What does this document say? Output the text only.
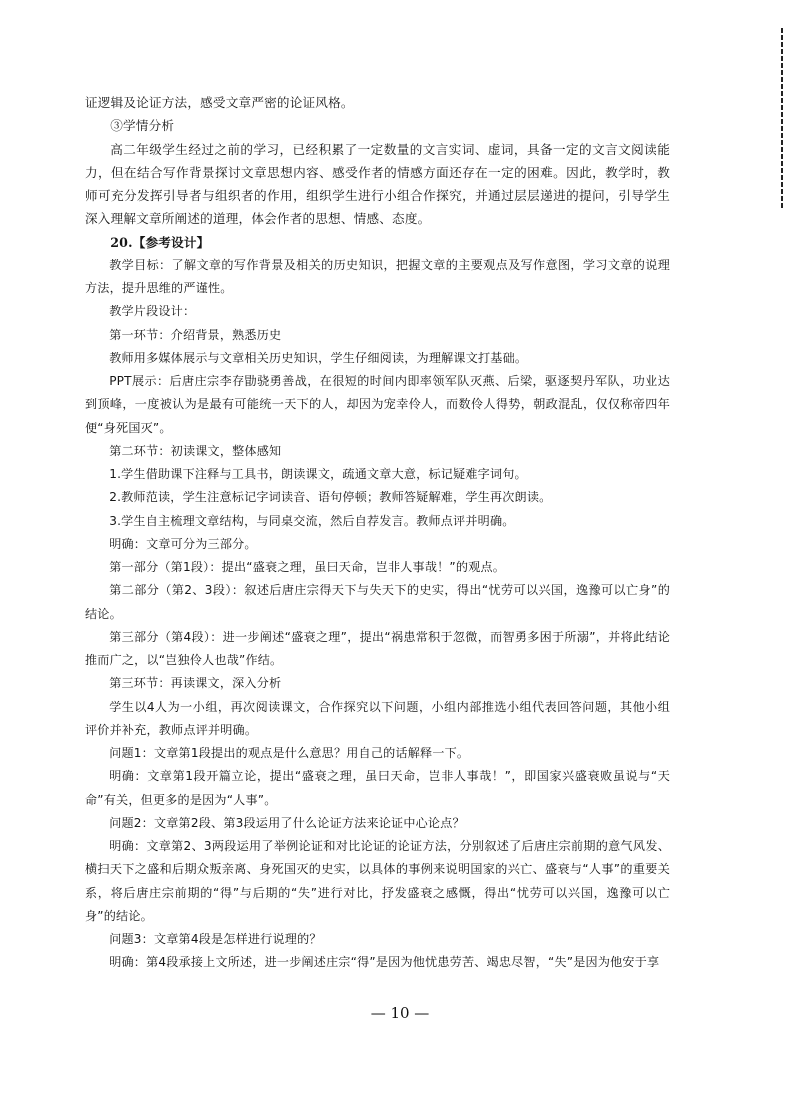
证逻辑及论证方法，感受文章严密的论证风格。

③学情分析

高二年级学生经过之前的学习，已经积累了一定数量的文言实词、虚词，具备一定的文言文阅读能力，但在结合写作背景探讨文章思想内容、感受作者的情感方面还存在一定的困难。因此，教学时，教师可充分发挥引导者与组织者的作用，组织学生进行小组合作探究，并通过层层递进的提问，引导学生深入理解文章所阐述的道理，体会作者的思想、情感、态度。

20.【参考设计】

教学目标：了解文章的写作背景及相关的历史知识，把握文章的主要观点及写作意图，学习文章的说理方法，提升思维的严谨性。

教学片段设计：

第一环节：介绍背景，熟悉历史

教师用多媒体展示与文章相关历史知识，学生仔细阅读，为理解课文打基础。

PPT展示：后唐庄宗李存勖骁勇善战，在很短的时间内即率领军队灭燕、后梁，驱逐契丹军队，功业达到顶峰，一度被认为是最有可能统一天下的人，却因为宠幸伶人，而数伶人得势，朝政混乱，仅仅称帝四年便“身死国灭”。

第二环节：初读课文，整体感知

1.学生借助课下注释与工具书，朗读课文，疏通文章大意，标记疑难字词句。

2.教师范读，学生注意标记字词读音、语句停顿；教师答疑解难，学生再次朗读。

3.学生自主梳理文章结构，与同桌交流，然后自荐发言。教师点评并明确。

明确：文章可分为三部分。

第一部分（第1段）：提出“盛衰之理，虽曰天命，岂非人事哉！”的观点。

第二部分（第2、3段）：叙述后唐庄宗得天下与失天下的史实，得出“忧劳可以兴国，逸豫可以亡身”的结论。

第三部分（第4段）：进一步阐述“盛衰之理”，提出“祸患常积于忽微，而智勇多困于所溺”，并将此结论推而广之，以“岂独伶人也哉”作结。

第三环节：再读课文，深入分析

学生以4人为一小组，再次阅读课文，合作探究以下问题，小组内部推选小组代表回答问题，其他小组评价并补充，教师点评并明确。

问题1：文章第1段提出的观点是什么意思？用自己的话解释一下。

明确：文章第1段开篇立论，提出“盛衰之理，虽曰天命，岂非人事哉！”，即国家兴盛衰败虽说与“天命”有关，但更多的是因为“人事”。

问题2：文章第2段、第3段运用了什么论证方法来论证中心论点？

明确：文章第2、3两段运用了举例论证和对比论证的论证方法，分别叙述了后唐庄宗前期的意气风发、横扫天下之盛和后期众叛亲离、身死国灭的史实，以具体的事例来说明国家的兴亡、盛衰与“人事”的重要关系，将后唐庄宗前期的“得”与后期的“失”进行对比，抒发盛衰之感慨，得出“忧劳可以兴国，逸豫可以亡身”的结论。

问题3：文章第4段是怎样进行说理的？

明确：第4段承接上文所述，进一步阐述庄宗“得”是因为他忧患劳苦、竭忠尽智，“失”是因为他安于享

— 10 —
